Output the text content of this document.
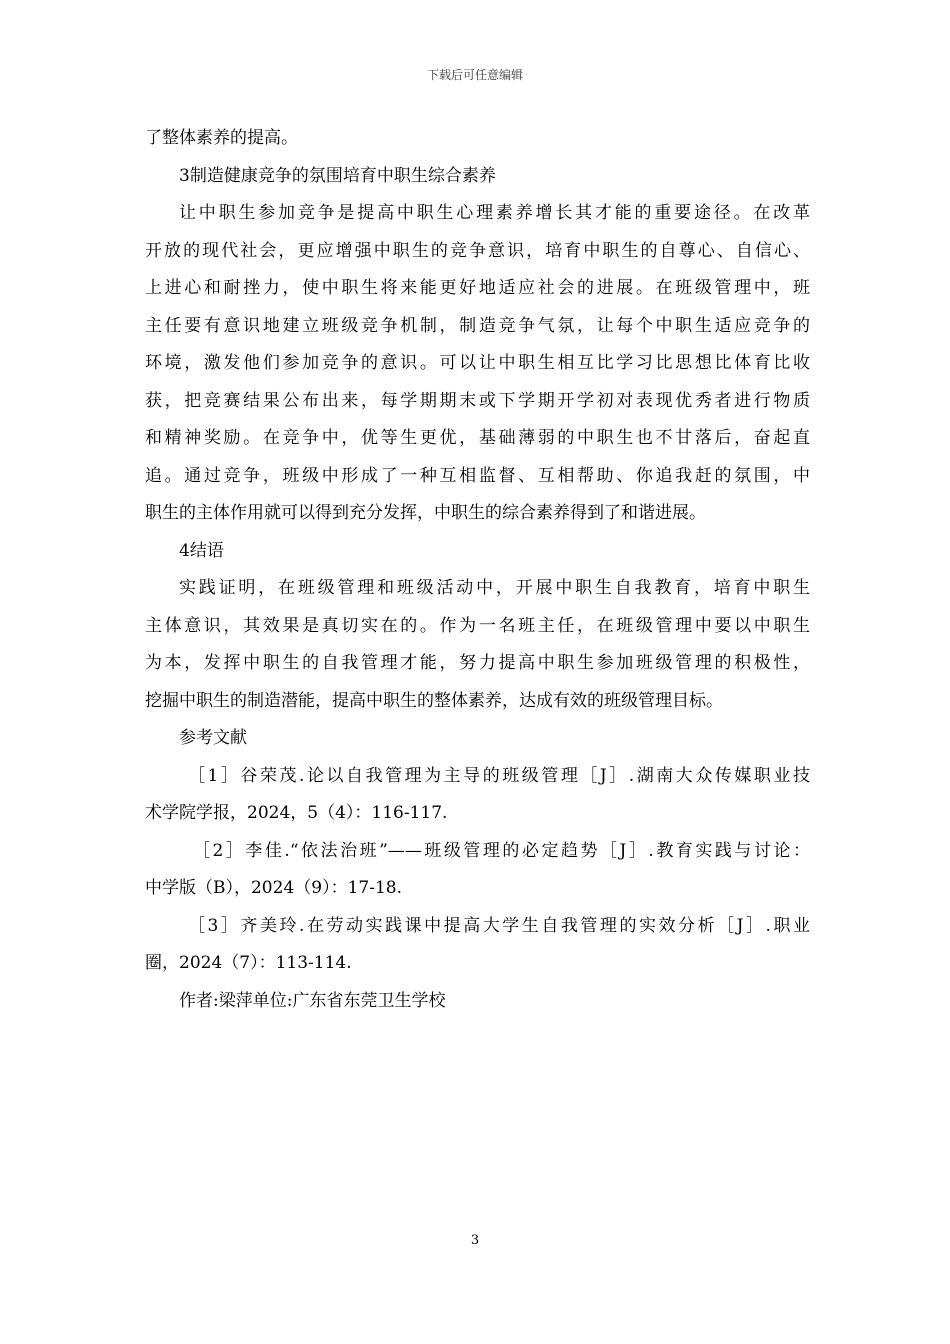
下载后可任意编辑
了整体素养的提高。
3制造健康竞争的氛围培育中职生综合素养
让中职生参加竞争是提高中职生心理素养增长其才能的重要途径。在改革
开放的现代社会，更应增强中职生的竞争意识，培育中职生的自尊心、自信心、
上进心和耐挫力，使中职生将来能更好地适应社会的进展。在班级管理中，班
主任要有意识地建立班级竞争机制，制造竞争气氛，让每个中职生适应竞争的
环境，激发他们参加竞争的意识。可以让中职生相互比学习比思想比体育比收
获，把竞赛结果公布出来，每学期期末或下学期开学初对表现优秀者进行物质
和精神奖励。在竞争中，优等生更优，基础薄弱的中职生也不甘落后，奋起直
追。通过竞争，班级中形成了一种互相监督、互相帮助、你追我赶的氛围，中
职生的主体作用就可以得到充分发挥，中职生的综合素养得到了和谐进展。
4结语
实践证明，在班级管理和班级活动中，开展中职生自我教育，培育中职生
主体意识，其效果是真切实在的。作为一名班主任，在班级管理中要以中职生
为本，发挥中职生的自我管理才能，努力提高中职生参加班级管理的积极性，
挖掘中职生的制造潜能，提高中职生的整体素养，达成有效的班级管理目标。
参考文献
［1］谷荣茂.论以自我管理为主导的班级管理［J］.湖南大众传媒职业技
术学院学报，2024，5（4）：116-117.
［2］李佳.“依法治班”——班级管理的必定趋势［J］.教育实践与讨论：
中学版（B），2024（9）：17-18.
［3］齐美玲.在劳动实践课中提高大学生自我管理的实效分析［J］.职业
圈，2024（7）：113-114.
作者:梁萍单位:广东省东莞卫生学校
3
